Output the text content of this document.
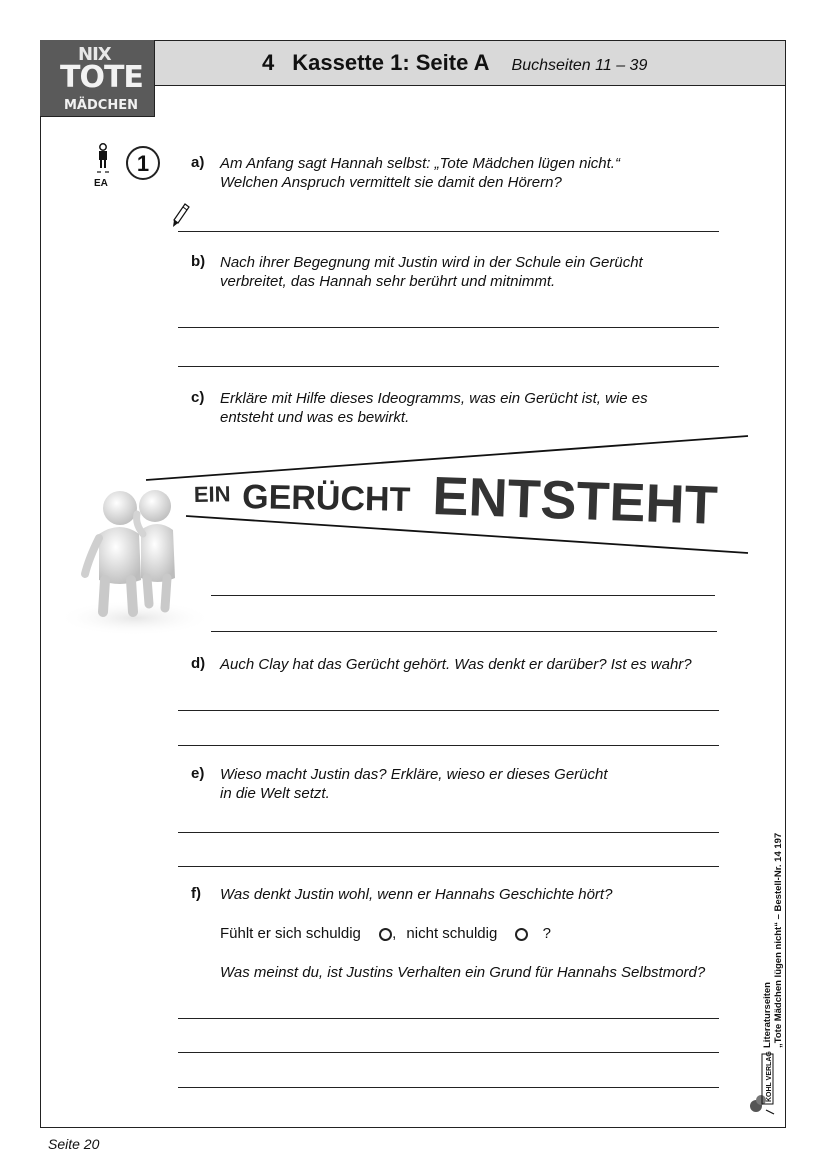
NIX
TOTE
MÄDCHEN
4 Kassette 1: Seite A Buchseiten 11 – 39
EA
1	a) Am Anfang sagt Hannah selbst: „Tote Mädchen lügen nicht.“
Welchen Anspruch vermittelt sie damit den Hörern?
b) Nach ihrer Begegnung mit Justin wird in der Schule ein Gerücht
verbreitet, das Hannah sehr berührt und mitnimmt.
c) Erkläre mit Hilfe dieses Ideogramms, was ein Gerücht ist, wie es
entsteht und was es bewirkt.
EIN GERÜCHT ENTSTEHT
d) Auch Clay hat das Gerücht gehört. Was denkt er darüber? Ist es wahr?
e) Wieso macht Justin das? Erkläre, wieso er dieses Gerücht
in die Welt setzt.
f) Was denkt Justin wohl, wenn er Hannahs Geschichte hört?
Fühlt er sich schuldig , nicht schuldig	?
Was meinst du, ist Justins Verhalten ein Grund für Hannahs Selbstmord?
Literaturseiten „Tote Mädchen lügen nicht“ – Bestell-Nr. 14 197
KOHL VERLAG
Seite 20
